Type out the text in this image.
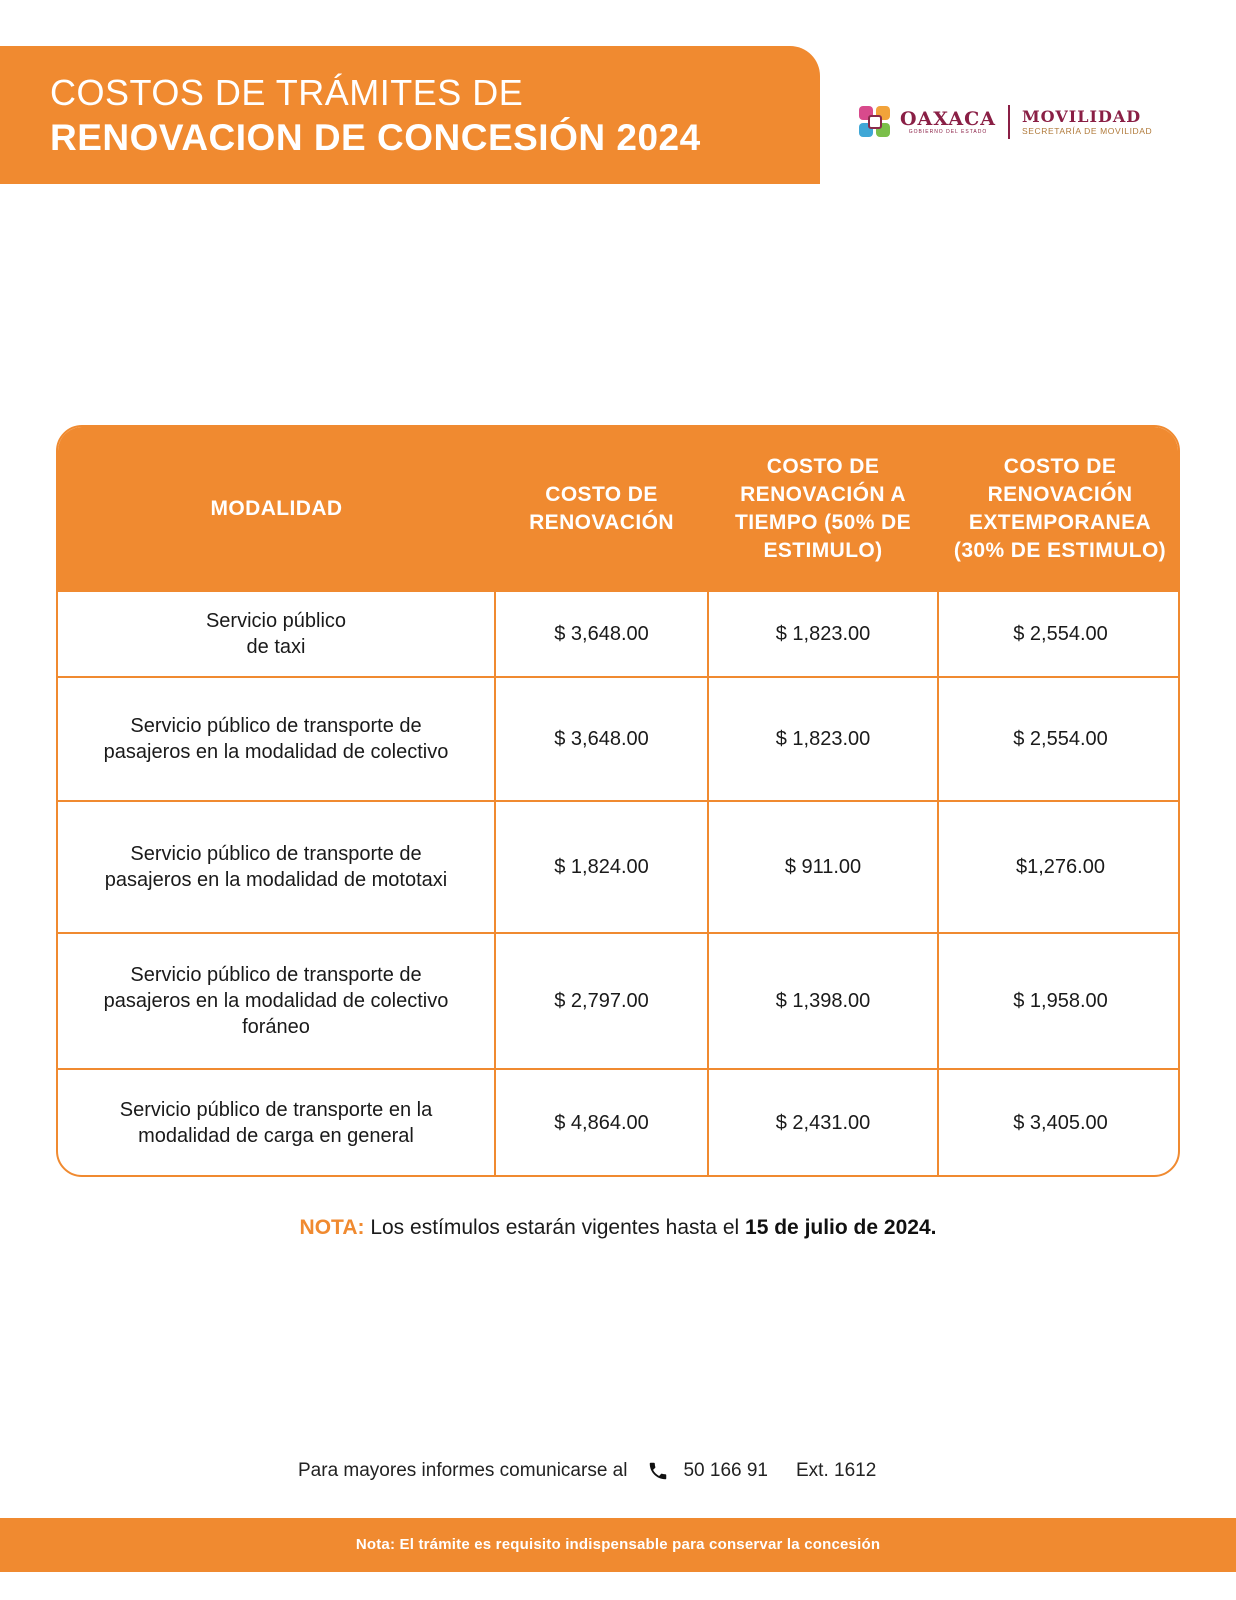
COSTOS DE TRÁMITES DE
RENOVACION DE CONCESIÓN 2024	OAXACA
GOBIERNO DEL ESTADO
MOVILIDAD
SECRETARÍA DE MOVILIDAD
MODALIDAD	COSTO DE RENOVACIÓN	COSTO DE RENOVACIÓN A TIEMPO (50% DE ESTIMULO)	COSTO DE RENOVACIÓN EXTEMPORANEA (30% DE ESTIMULO)
Servicio público
de taxi	$ 3,648.00	$ 1,823.00	$ 2,554.00
Servicio público de transporte de pasajeros en la modalidad de colectivo	$ 3,648.00	$ 1,823.00	$ 2,554.00
Servicio público de transporte de pasajeros en la modalidad de mototaxi	$ 1,824.00	$ 911.00	$1,276.00
Servicio público de transporte de pasajeros en la modalidad de colectivo foráneo	$ 2,797.00	$ 1,398.00	$ 1,958.00
Servicio público de transporte en la modalidad de carga en general	$ 4,864.00	$ 2,431.00	$ 3,405.00
NOTA: Los estímulos estarán vigentes hasta el 15 de julio de 2024.
Para mayores informes comunicarse al	50 166 91 Ext. 1612
Nota: El trámite es requisito indispensable para conservar la concesión
